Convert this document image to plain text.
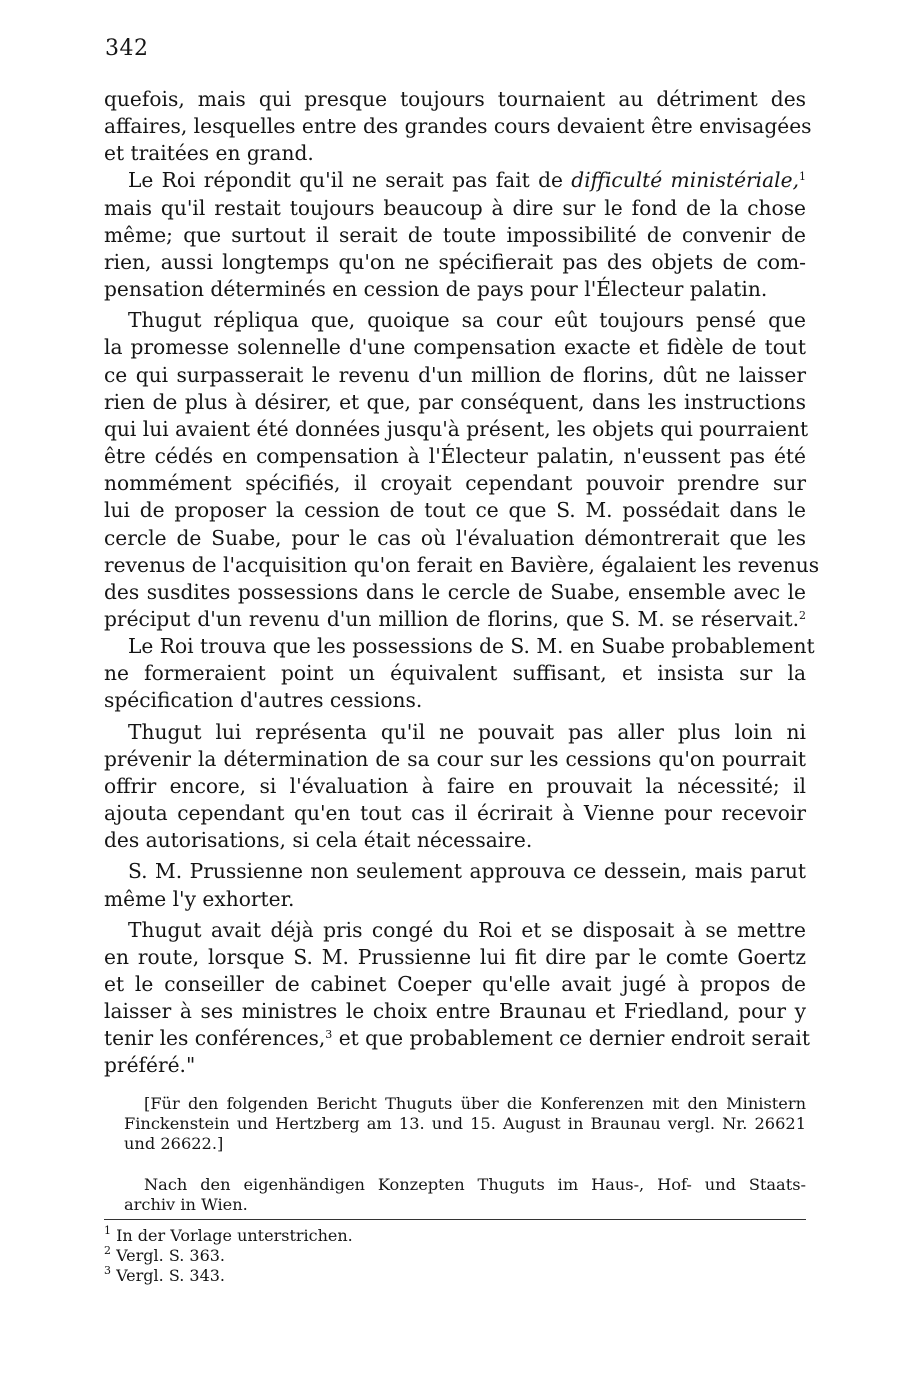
342

quefois, mais qui presque toujours tournaient au détriment des
affaires, lesquelles entre des grandes cours devaient être envisagées
et traitées en grand.

Le Roi répondit qu'il ne serait pas fait de difficulté ministériale,$^1$
mais qu'il restait toujours beaucoup à dire sur le fond de la chose
même; que surtout il serait de toute impossibilité de convenir de
rien, aussi longtemps qu'on ne spécifierait pas des objets de com-
pensation déterminés en cession de pays pour l'Électeur palatin.

Thugut répliqua que, quoique sa cour eût toujours pensé que
la promesse solennelle d'une compensation exacte et fidèle de tout
ce qui surpasserait le revenu d'un million de florins, dût ne laisser
rien de plus à désirer, et que, par conséquent, dans les instructions
qui lui avaient été données jusqu'à présent, les objets qui pourraient
être cédés en compensation à l'Électeur palatin, n'eussent pas été
nommément spécifiés, il croyait cependant pouvoir prendre sur
lui de proposer la cession de tout ce que S. M. possédait dans le
cercle de Suabe, pour le cas où l'évaluation démontrerait que les
revenus de l'acquisition qu'on ferait en Bavière, égalaient les revenus
des susdites possessions dans le cercle de Suabe, ensemble avec le
préciput d'un revenu d'un million de florins, que S. M. se réservait.$^2$

Le Roi trouva que les possessions de S. M. en Suabe probablement
ne formeraient point un équivalent suffisant, et insista sur la
spécification d'autres cessions.

Thugut lui représenta qu'il ne pouvait pas aller plus loin ni
prévenir la détermination de sa cour sur les cessions qu'on pourrait
offrir encore, si l'évaluation à faire en prouvait la nécessité; il
ajouta cependant qu'en tout cas il écrirait à Vienne pour recevoir
des autorisations, si cela était nécessaire.

S. M. Prussienne non seulement approuva ce dessein, mais parut
même l'y exhorter.

Thugut avait déjà pris congé du Roi et se disposait à se mettre
en route, lorsque S. M. Prussienne lui fit dire par le comte Goertz
et le conseiller de cabinet Coeper qu'elle avait jugé à propos de
laisser à ses ministres le choix entre Braunau et Friedland, pour y
tenir les conférences,$^3$ et que probablement ce dernier endroit serait
préféré."

[Für den folgenden Bericht Thuguts über die Konferenzen mit den Ministern
Finckenstein und Hertzberg am 13. und 15. August in Braunau vergl. Nr. 26621
und 26622.]

Nach den eigenhändigen Konzepten Thuguts im Haus-, Hof- und Staats-
archiv in Wien.

$^1$ In der Vorlage unterstrichen.
$^2$ Vergl. S. 363.
$^3$ Vergl. S. 343.
